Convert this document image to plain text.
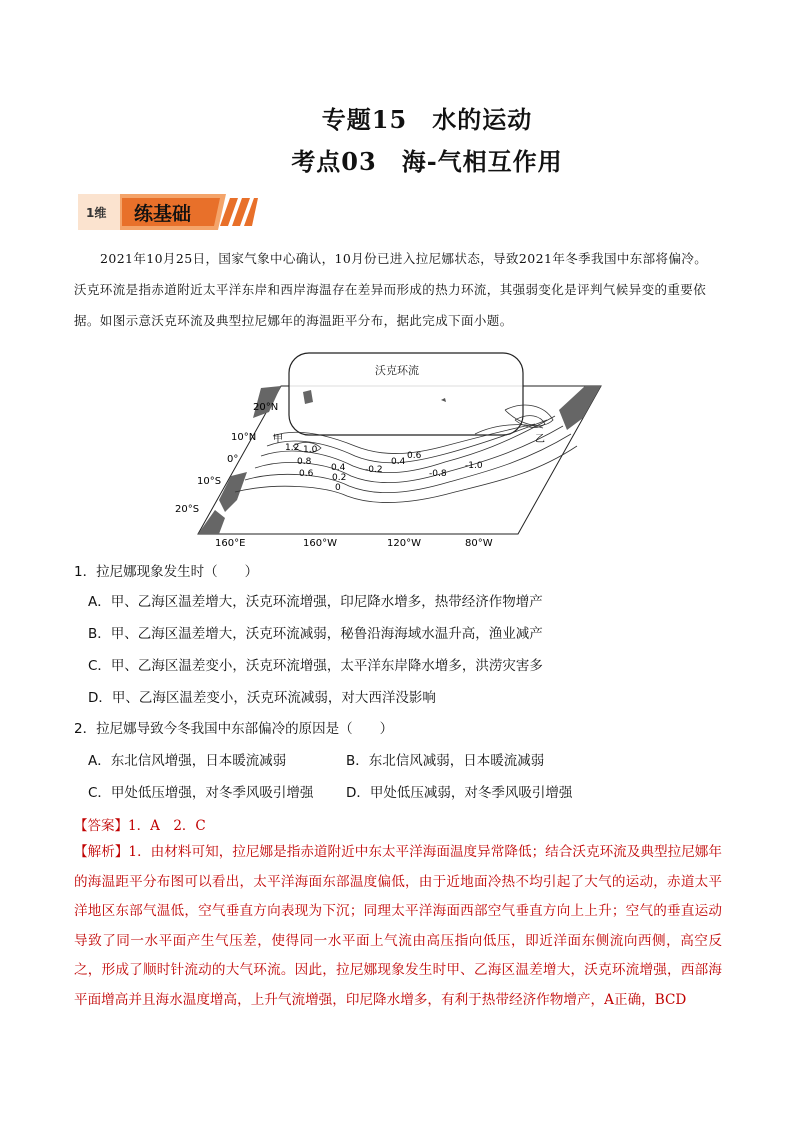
专题15　水的运动
考点03　海-气相互作用
1维 练基础
2021年10月25日，国家气象中心确认，10月份已进入拉尼娜状态，导致2021年冬季我国中东部将偏冷。沃克环流是指赤道附近太平洋东岸和西岸海温存在差异而形成的热力环流，其强弱变化是评判气候异变的重要依据。如图示意沃克环流及典型拉尼娜年的海温距平分布，据此完成下面小题。
沃克环流
20°N
10°N
0°
10°S
20°S
160°E	160°W	120°W	80°W
甲	乙
1.2 1.0
0.8
0.6
0.4
0.2
0
-0.2
0.4
0.6
-1.0
-0.8
1．拉尼娜现象发生时（　　）
A．甲、乙海区温差增大，沃克环流增强，印尼降水增多，热带经济作物增产
B．甲、乙海区温差增大，沃克环流减弱，秘鲁沿海海域水温升高，渔业减产
C．甲、乙海区温差变小，沃克环流增强，太平洋东岸降水增多，洪涝灾害多
D．甲、乙海区温差变小，沃克环流减弱，对大西洋没影响
2．拉尼娜导致今冬我国中东部偏冷的原因是（　　）
A．东北信风增强，日本暖流减弱	B．东北信风减弱，日本暖流减弱
C．甲处低压增强，对冬季风吸引增强 D．甲处低压减弱，对冬季风吸引增强
【答案】1．A　2．C
【解析】1．由材料可知，拉尼娜是指赤道附近中东太平洋海面温度异常降低；结合沃克环流及典型拉尼娜年的海温距平分布图可以看出，太平洋海面东部温度偏低，由于近地面冷热不均引起了大气的运动，赤道太平洋地区东部气温低，空气垂直方向表现为下沉；同理太平洋海面西部空气垂直方向上上升；空气的垂直运动导致了同一水平面产生气压差，使得同一水平面上气流由高压指向低压，即近洋面东侧流向西侧，高空反之，形成了顺时针流动的大气环流。因此，拉尼娜现象发生时甲、乙海区温差增大，沃克环流增强，西部海平面增高并且海水温度增高，上升气流增强，印尼降水增多，有利于热带经济作物增产，A正确，BCD
